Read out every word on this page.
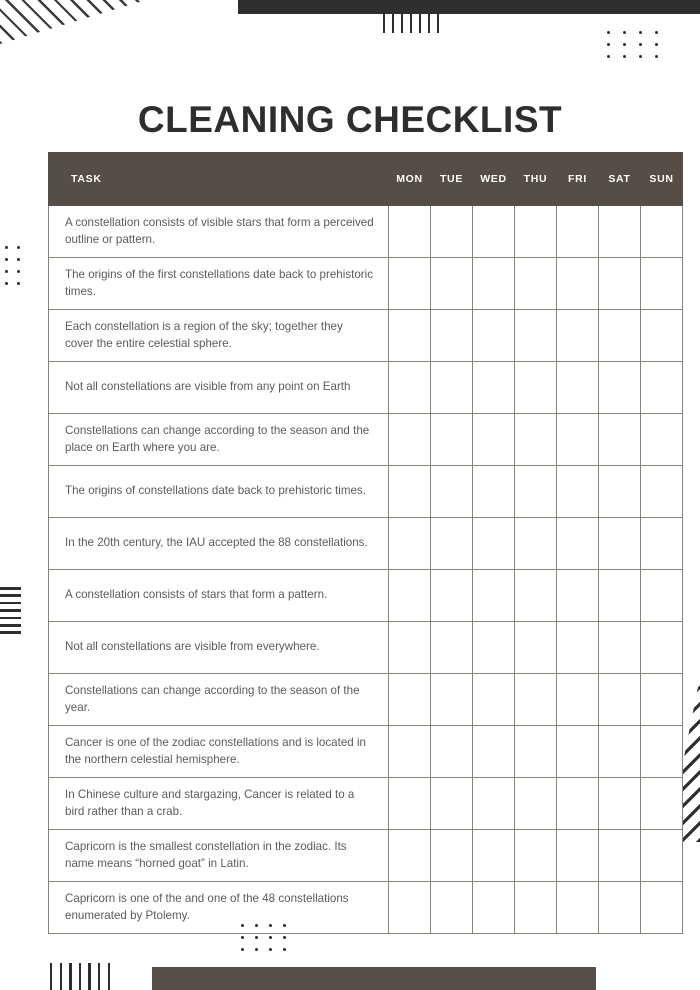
CLEANING CHECKLIST
TASK	MON	TUE	WED	THU	FRI	SAT	SUN
A constellation consists of visible stars that form a perceived outline or pattern.							
The origins of the first constellations date back to prehistoric times.							
Each constellation is a region of the sky; together they cover the entire celestial sphere.							
Not all constellations are visible from any point on Earth							
Constellations can change according to the season and the place on Earth where you are.							
The origins of constellations date back to prehistoric times.							
In the 20th century, the IAU accepted the 88 constellations.							
A constellation consists of stars that form a pattern.							
Not all constellations are visible from everywhere.							
Constellations can change according to the season of the year.							
Cancer is one of the zodiac constellations and is located in the northern celestial hemisphere.							
In Chinese culture and stargazing, Cancer is related to a bird rather than a crab.							
Capricorn is the smallest constellation in the zodiac. Its name means “horned goat” in Latin.							
Capricorn is one of the and one of the 48 constellations enumerated by Ptolemy.							
